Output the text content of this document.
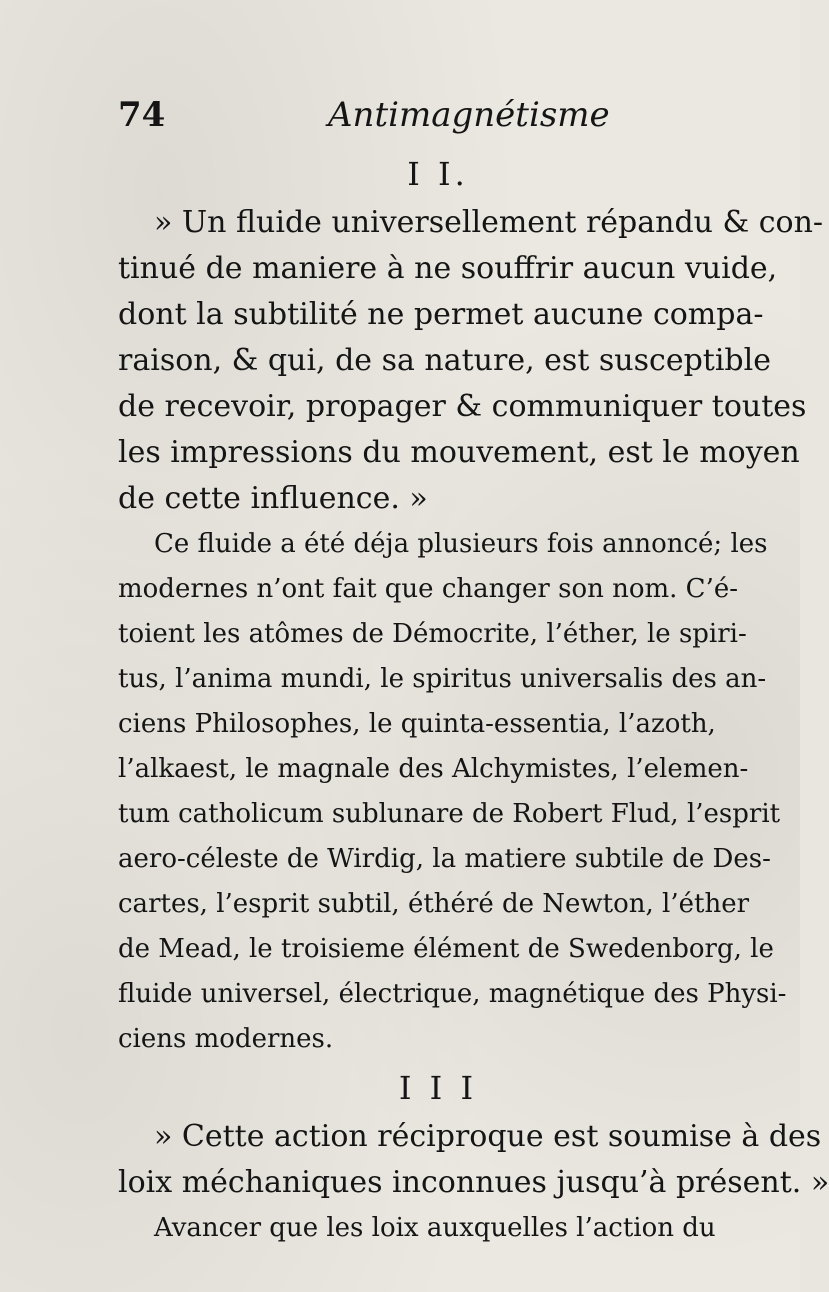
74	Antimagnétisme
I I.
» Un fluide universellement répandu & con-
tinué de maniere à ne souffrir aucun vuide,
dont la subtilité ne permet aucune compa-
raison, & qui, de sa nature, est susceptible
de recevoir, propager & communiquer toutes
les impressions du mouvement, est le moyen
de cette influence. »
Ce fluide a été déja plusieurs fois annoncé; les
modernes n’ont fait que changer son nom. C’é-
toient les atômes de Démocrite, l’éther, le spiri-
tus, l’anima mundi, le spiritus universalis des an-
ciens Philosophes, le quinta-essentia, l’azoth,
l’alkaest, le magnale des Alchymistes, l’elemen-
tum catholicum sublunare de Robert Flud, l’esprit
aero-céleste de Wirdig, la matiere subtile de Des-
cartes, l’esprit subtil, éthéré de Newton, l’éther
de Mead, le troisieme élément de Swedenborg, le
fluide universel, électrique, magnétique des Physi-
ciens modernes.
I I I
» Cette action réciproque est soumise à des
loix méchaniques inconnues jusqu’à présent. »
Avancer que les loix auxquelles l’action du
